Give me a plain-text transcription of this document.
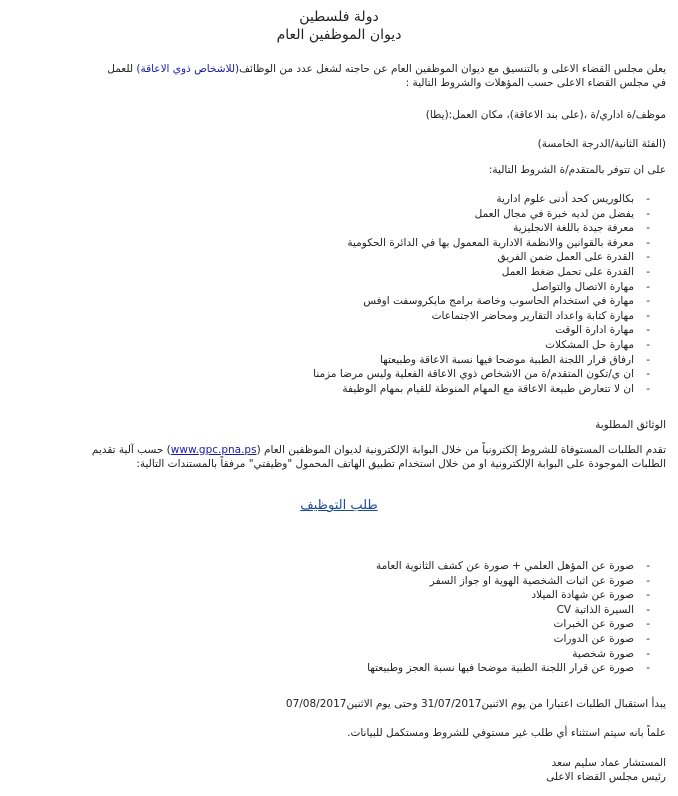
دولة فلسطين
ديوان الموظفين العام
يعلن مجلس القضاء الاعلى و بالتنسيق مع ديوان الموظفين العام عن حاجته لشغل عدد من الوظائف(للاشخاص ذوي الاعاقة) للعمل
في مجلس القضاء الاعلى حسب المؤهلات والشروط التالية :
موظف/ة اداري/ة ،(على بند الاعاقة)، مكان العمل:(يطا)
(الفئة الثانية/الدرجة الخامسة)
على ان تتوفر بالمتقدم/ة الشروط التالية:
-
بكالوريس كحد أدنى علوم ادارية
-
يفضل من لديه خبرة في مجال العمل
-
معرفة جيدة باللغة الانجليزية
-
معرفة بالقوانين والانظمة الادارية المعمول بها في الدائرة الحكومية
-
القدرة على العمل ضمن الفريق
-
القدرة على تحمل ضغط العمل
-
مهارة الاتصال والتواصل
-
مهارة في استخدام الحاسوب وخاصة برامج مايكروسفت اوفس
-
مهارة كتابة واعداد التقارير ومحاضر الاجتماعات
-
مهارة ادارة الوقت
-
مهارة حل المشكلات
-
ارفاق قرار اللجنة الطبية موضحا فيها نسبة الاعاقة وطبيعتها
-
ان ي/تكون المتقدم/ة من الاشخاص ذوي الاعاقة الفعلية وليس مرضا مزمنا
-
ان لا تتعارض طبيعة الاعاقة مع المهام المنوطة للقيام بمهام الوظيفة
الوثائق المطلوبة
تقدم الطلبات المستوفاة للشروط إلكترونياً من خلال البوابة الإلكترونية لديوان الموظفين العام (www.gpc.pna.ps) حسب آلية تقديم
الطلبات الموجودة على البوابة الإلكترونية او من خلال استخدام تطبيق الهاتف المحمول "وظيفتي" مرفقاً بالمستندات التالية:
طلب التوظيف
-
صورة عن المؤهل العلمي + صورة عن كشف الثانوية العامة
-
صورة عن اثبات الشخصية الهوية او جواز السفر
-
صورة عن شهادة الميلاد
-
السيرة الذاتية CV
-
صورة عن الخبرات
-
صورة عن الدورات
-
صورة شخصية
-
صورة عن قرار اللجنة الطبية موضحا فيها نسبة العجز وطبيعتها
يبدأ استقبال الطلبات اعتبارا من يوم الاثنين31/07/2017 وحتى يوم الاثنين07/08/2017
علماً بانه سيتم استثناء أي طلب غير مستوفي للشروط ومستكمل للبيانات.
المستشار عماد سليم سعد
رئيس مجلس القضاء الاعلى
